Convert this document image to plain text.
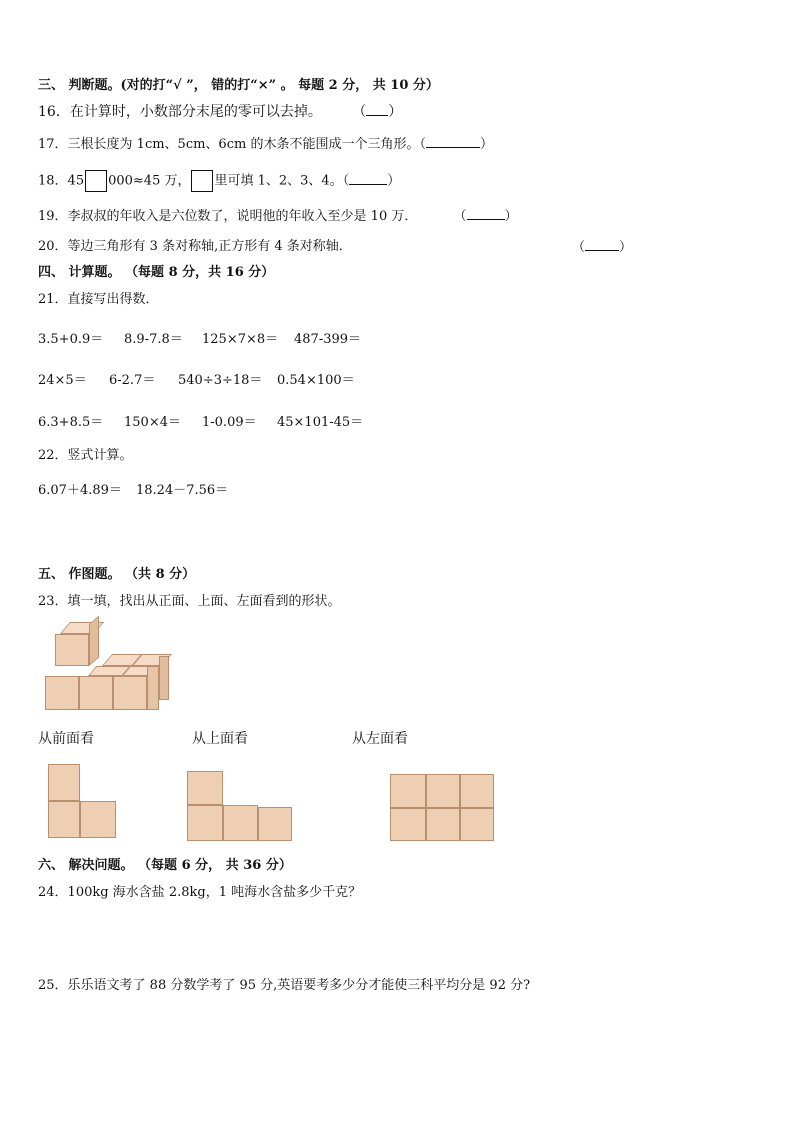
三、 判断题。(对的打“√ ”， 错的打“×” 。 每题 2 分， 共 10 分）
16．在计算时，小数部分末尾的零可以去掉。 （ ）
17．三根长度为 1cm、5cm、6cm 的木条不能围成一个三角形。（	）
18．45 000≈45 万， 里可填 1、2、3、4。（	）
19．李叔叔的年收入是六位数了，说明他的年收入至少是 10 万．	（	）
20．等边三角形有 3 条对称轴,正方形有 4 条对称轴．	（	）
四、 计算题。 （每题 8 分，共 16 分）
21．直接写出得数．
3.5+0.9＝ 8.9-7.8＝ 125×7×8＝ 487-399＝
24×5＝ 6-2.7＝ 540÷3÷18＝ 0.54×100＝
6.3+8.5＝ 150×4＝ 1-0.09＝ 45×101-45＝
22．竖式计算。
6.07＋4.89＝ 18.24－7.56＝
五、 作图题。 （共 8 分）
23．填一填，找出从正面、上面、左面看到的形状。
从前面看	从上面看	从左面看
六、 解决问题。 （每题 6 分， 共 36 分）
24．100kg 海水含盐 2.8kg，1 吨海水含盐多少千克？
25．乐乐语文考了 88 分数学考了 95 分,英语要考多少分才能使三科平均分是 92 分?
